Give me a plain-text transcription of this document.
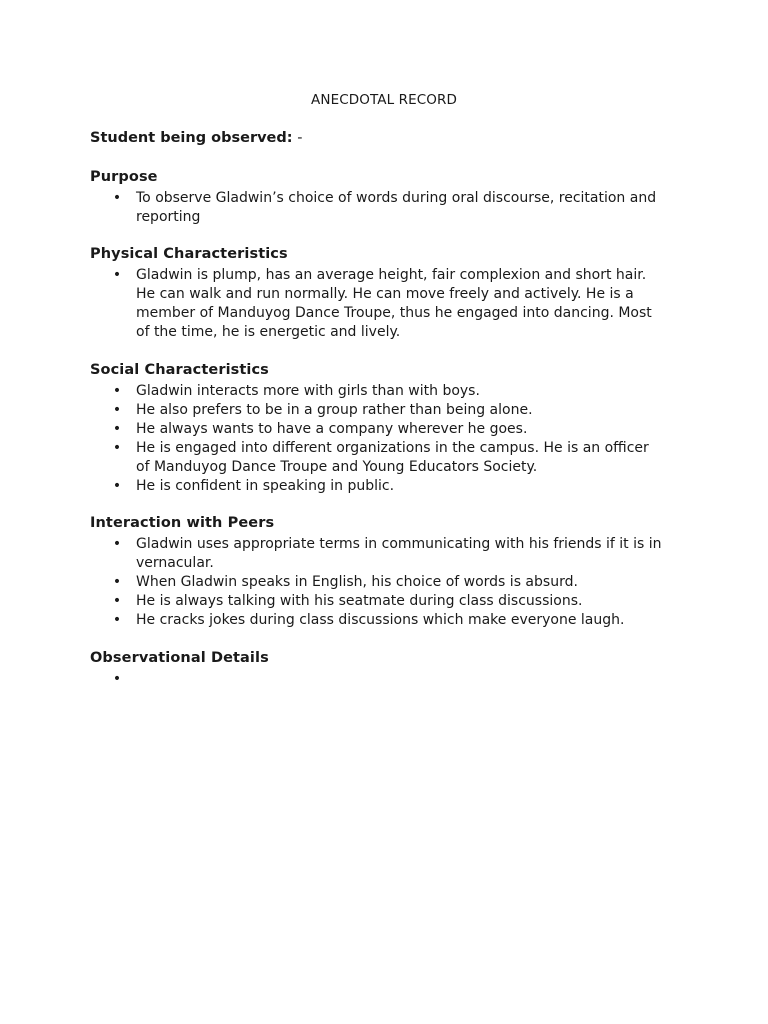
ANECDOTAL RECORD

Student being observed: -

Purpose
• To observe Gladwin’s choice of words during oral discourse, recitation and reporting
Physical Characteristics
• Gladwin is plump, has an average height, fair complexion and short hair. He can walk and run normally. He can move freely and actively. He is a member of Manduyog Dance Troupe, thus he engaged into dancing. Most of the time, he is energetic and lively.
Social Characteristics
• Gladwin interacts more with girls than with boys.
• He also prefers to be in a group rather than being alone.
• He always wants to have a company wherever he goes.
• He is engaged into different organizations in the campus. He is an officer of Manduyog Dance Troupe and Young Educators Society.
• He is confident in speaking in public.
Interaction with Peers
• Gladwin uses appropriate terms in communicating with his friends if it is in vernacular.
• When Gladwin speaks in English, his choice of words is absurd.
• He is always talking with his seatmate during class discussions.
• He cracks jokes during class discussions which make everyone laugh.
Observational Details
•
